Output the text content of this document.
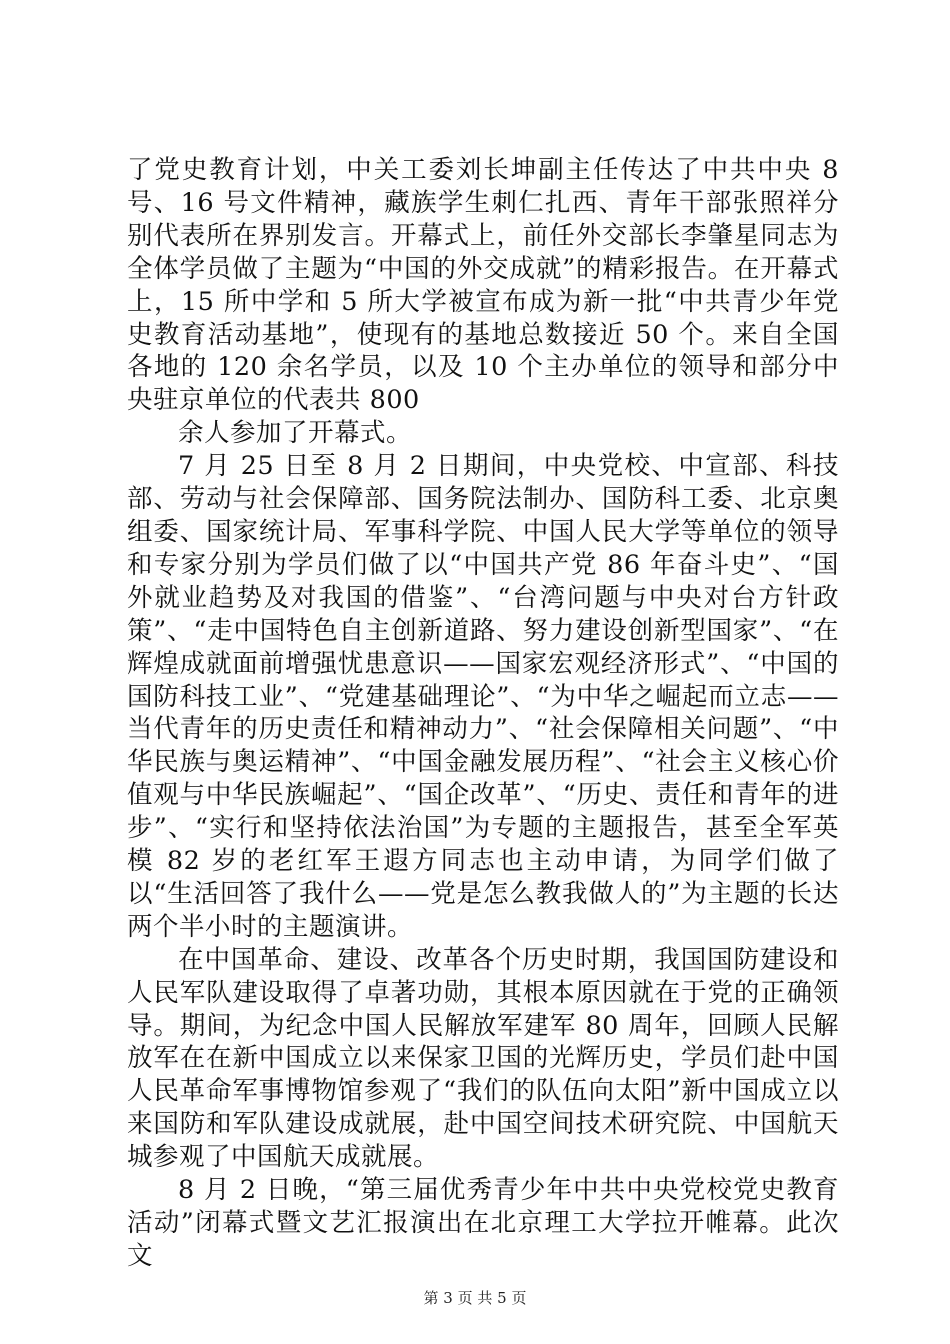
了党史教育计划，中关工委刘长坤副主任传达了中共中央 8 号、16 号文件精神，藏族学生刺仁扎西、青年干部张照祥分别代表所在界别发言。开幕式上，前任外交部长李肇星同志为全体学员做了主题为“中国的外交成就”的精彩报告。在开幕式上，15 所中学和 5 所大学被宣布成为新一批“中共青少年党史教育活动基地”，使现有的基地总数接近 50 个。来自全国各地的 120 余名学员，以及 10 个主办单位的领导和部分中央驻京单位的代表共 800

余人参加了开幕式。

7 月 25 日至 8 月 2 日期间，中央党校、中宣部、科技部、劳动与社会保障部、国务院法制办、国防科工委、北京奥组委、国家统计局、军事科学院、中国人民大学等单位的领导和专家分别为学员们做了以“中国共产党 86 年奋斗史”、“国外就业趋势及对我国的借鉴”、“台湾问题与中央对台方针政策”、“走中国特色自主创新道路、努力建设创新型国家”、“在辉煌成就面前增强忧患意识——国家宏观经济形式”、“中国的国防科技工业”、“党建基础理论”、“为中华之崛起而立志——当代青年的历史责任和精神动力”、“社会保障相关问题”、“中华民族与奥运精神”、“中国金融发展历程”、“社会主义核心价值观与中华民族崛起”、“国企改革”、“历史、责任和青年的进步”、“实行和坚持依法治国”为专题的主题报告，甚至全军英模 82 岁的老红军王遐方同志也主动申请，为同学们做了以“生活回答了我什么——党是怎么教我做人的”为主题的长达两个半小时的主题演讲。

在中国革命、建设、改革各个历史时期，我国国防建设和人民军队建设取得了卓著功勋，其根本原因就在于党的正确领导。期间，为纪念中国人民解放军建军 80 周年，回顾人民解放军在在新中国成立以来保家卫国的光辉历史，学员们赴中国人民革命军事博物馆参观了“我们的队伍向太阳”新中国成立以来国防和军队建设成就展，赴中国空间技术研究院、中国航天城参观了中国航天成就展。

8 月 2 日晚，“第三届优秀青少年中共中央党校党史教育活动”闭幕式暨文艺汇报演出在北京理工大学拉开帷幕。此次文

第 3 页 共 5 页
